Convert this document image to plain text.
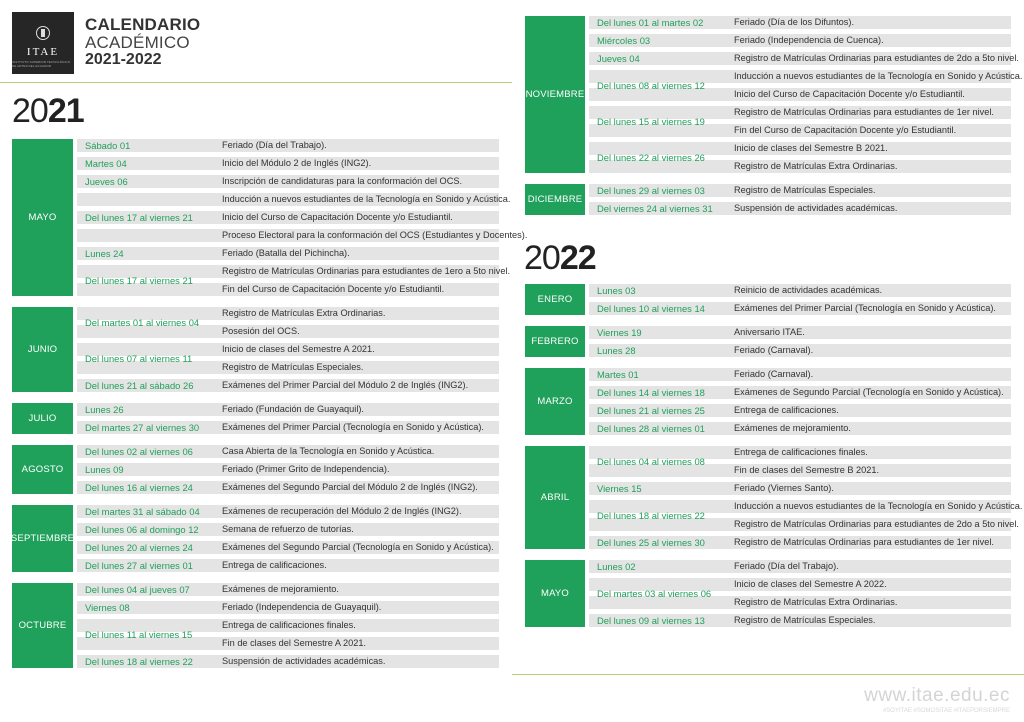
ITAE
INSTITUTO SUPERIOR TECNOLÓGICO DE ARTES DEL ECUADOR
CALENDARIO
ACADÉMICO
2021-2022
2021
MAYO
Feriado (Día del Trabajo).
Sábado 01
Inicio del Módulo 2 de Inglés (ING2).
Martes 04
Inscripción de candidaturas para la conformación del OCS.
Jueves 06
Inducción a nuevos estudiantes de la Tecnología en Sonido y Acústica.
Inicio del Curso de Capacitación Docente y/o Estudiantil.
Proceso Electoral para la conformación del OCS (Estudiantes y Docentes).
Del lunes 17 al viernes 21
Feriado (Batalla del Pichincha).
Lunes 24
Registro de Matrículas Ordinarias para estudiantes de 1ero a 5to nivel.
Fin del Curso de Capacitación Docente y/o Estudiantil.
Del lunes 17 al viernes 21
JUNIO
Registro de Matrículas Extra Ordinarias.
Posesión del OCS.
Del martes 01 al viernes 04
Inicio de clases del Semestre A 2021.
Registro de Matrículas Especiales.
Del lunes 07 al viernes 11
Exámenes del Primer Parcial del Módulo 2 de Inglés (ING2).
Del lunes 21 al sábado 26
JULIO
Feriado (Fundación de Guayaquil).
Lunes 26
Exámenes del Primer Parcial (Tecnología en Sonido y Acústica).
Del martes 27 al viernes 30
AGOSTO
Casa Abierta de la Tecnología en Sonido y Acústica.
Del lunes 02 al viernes 06
Feriado (Primer Grito de Independencia).
Lunes 09
Exámenes del Segundo Parcial del Módulo 2 de Inglés (ING2).
Del lunes 16 al viernes 24
SEPTIEMBRE
Exámenes de recuperación del Módulo 2 de Inglés (ING2).
Del martes 31 al sábado 04
Semana de refuerzo de tutorías.
Del lunes 06 al domingo 12
Exámenes del Segundo Parcial (Tecnología en Sonido y Acústica).
Del lunes 20 al viernes 24
Entrega de calificaciones.
Del lunes 27 al viernes 01
OCTUBRE
Exámenes de mejoramiento.
Del lunes 04 al jueves 07
Feriado (Independencia de Guayaquil).
Viernes 08
Entrega de calificaciones finales.
Fin de clases del Semestre A 2021.
Del lunes 11 al viernes 15
Suspensión de actividades académicas.
Del lunes 18 al viernes 22
NOVIEMBRE
Feriado (Día de los Difuntos).
Del lunes 01 al martes 02
Feriado (Independencia de Cuenca).
Miércoles 03
Registro de Matrículas Ordinarias para estudiantes de 2do a 5to nivel.
Jueves 04
Inducción a nuevos estudiantes de la Tecnología en Sonido y Acústica.
Inicio del Curso de Capacitación Docente y/o Estudiantil.
Del lunes 08 al viernes 12
Registro de Matrículas Ordinarias para estudiantes de 1er nivel.
Fin del Curso de Capacitación Docente y/o Estudiantil.
Del lunes 15 al viernes 19
Inicio de clases del Semestre B 2021.
Registro de Matrículas Extra Ordinarias.
Del lunes 22 al viernes 26
DICIEMBRE
Registro de Matrículas Especiales.
Del lunes 29 al viernes 03
Suspensión de actividades académicas.
Del viernes 24 al viernes 31
2022
ENERO
Reinicio de actividades académicas.
Lunes 03
Exámenes del Primer Parcial (Tecnología en Sonido y Acústica).
Del lunes 10 al viernes 14
FEBRERO
Aniversario ITAE.
Viernes 19
Feriado (Carnaval).
Lunes 28
MARZO
Feriado (Carnaval).
Martes 01
Exámenes de Segundo Parcial (Tecnología en Sonido y Acústica).
Del lunes 14 al viernes 18
Entrega de calificaciones.
Del lunes 21 al viernes 25
Exámenes de mejoramiento.
Del lunes 28 al viernes 01
ABRIL
Entrega de calificaciones finales.
Fin de clases del Semestre B 2021.
Del lunes 04 al viernes 08
Feriado (Viernes Santo).
Viernes 15
Inducción a nuevos estudiantes de la Tecnología en Sonido y Acústica.
Registro de Matrículas Ordinarias para estudiantes de 2do a 5to nivel.
Del lunes 18 al viernes 22
Registro de Matrículas Ordinarias para estudiantes de 1er nivel.
Del lunes 25 al viernes 30
MAYO
Feriado (Día del Trabajo).
Lunes 02
Inicio de clases del Semestre A 2022.
Registro de Matrículas Extra Ordinarias.
Del martes 03 al viernes 06
Registro de Matrículas Especiales.
Del lunes 09 al viernes 13
www.itae.edu.ec
#SOYITAE #SOMOSITAE #ITAEPORSIEMPRE
